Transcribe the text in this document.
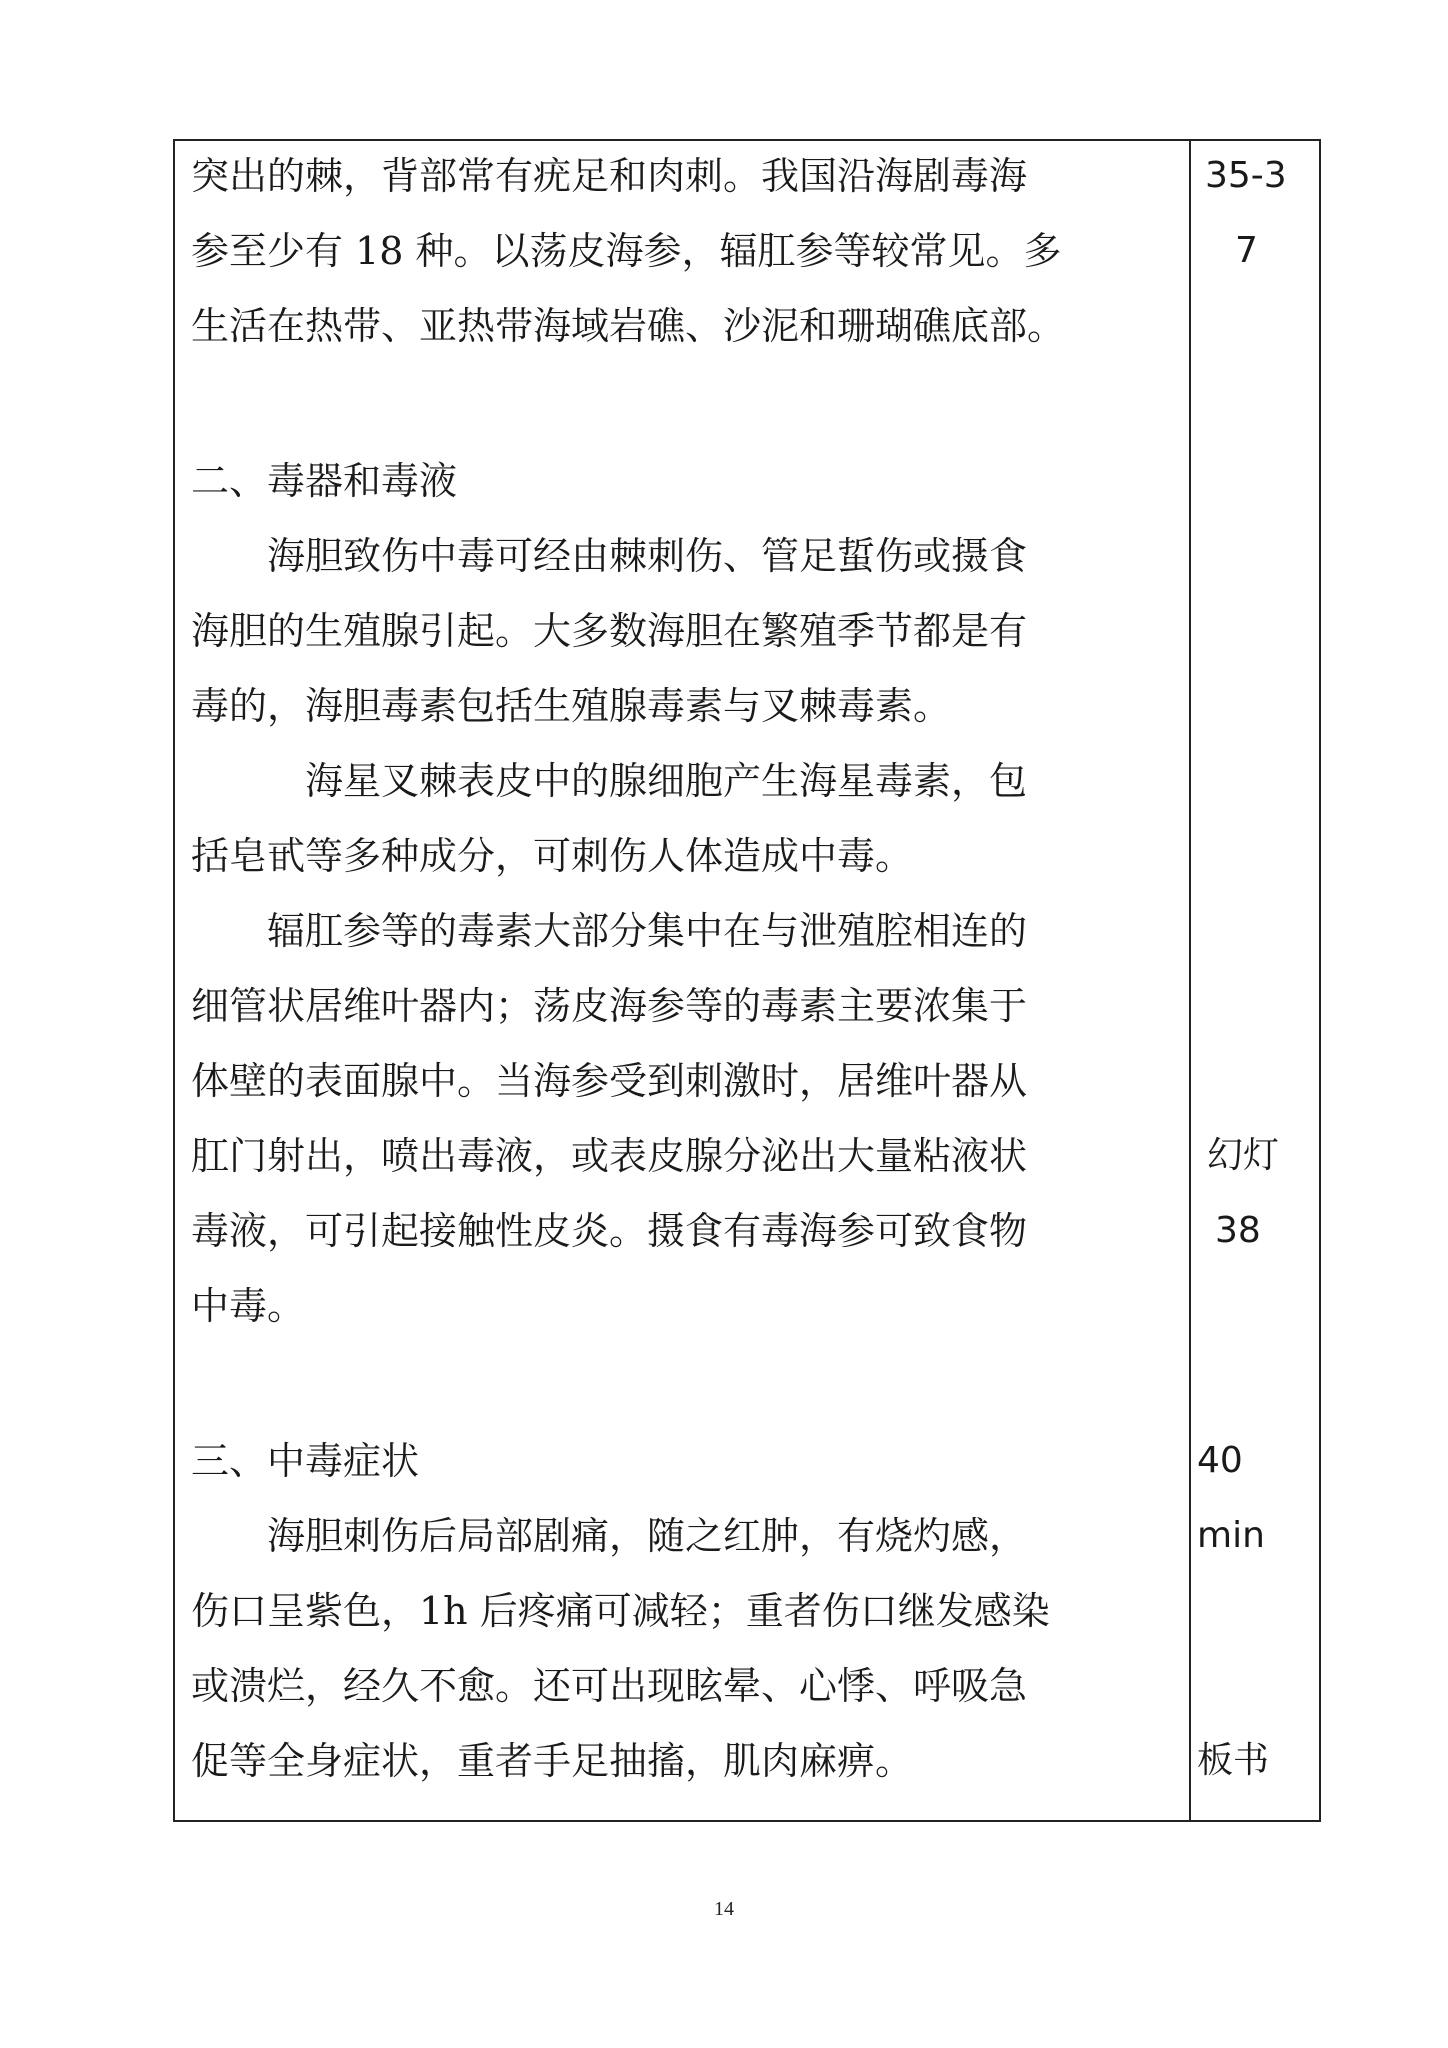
突出的棘，背部常有疣足和肉刺。我国沿海剧毒海
参至少有 18 种。以荡皮海参，辐肛参等较常见。多
生活在热带、亚热带海域岩礁、沙泥和珊瑚礁底部。
二、毒器和毒液
　　海胆致伤中毒可经由棘刺伤、管足蜇伤或摄食
海胆的生殖腺引起。大多数海胆在繁殖季节都是有
毒的，海胆毒素包括生殖腺毒素与叉棘毒素。
　　　海星叉棘表皮中的腺细胞产生海星毒素，包
括皂甙等多种成分，可刺伤人体造成中毒。
　　辐肛参等的毒素大部分集中在与泄殖腔相连的
细管状居维叶器内；荡皮海参等的毒素主要浓集于
体壁的表面腺中。当海参受到刺激时，居维叶器从
肛门射出，喷出毒液，或表皮腺分泌出大量粘液状
毒液，可引起接触性皮炎。摄食有毒海参可致食物
中毒。
三、中毒症状
　　海胆刺伤后局部剧痛，随之红肿，有烧灼感，
伤口呈紫色，1h 后疼痛可减轻；重者伤口继发感染
或溃烂，经久不愈。还可出现眩晕、心悸、呼吸急
促等全身症状，重者手足抽搐，肌肉麻痹。
35-3
7
幻灯
38
40
min
板书
14
